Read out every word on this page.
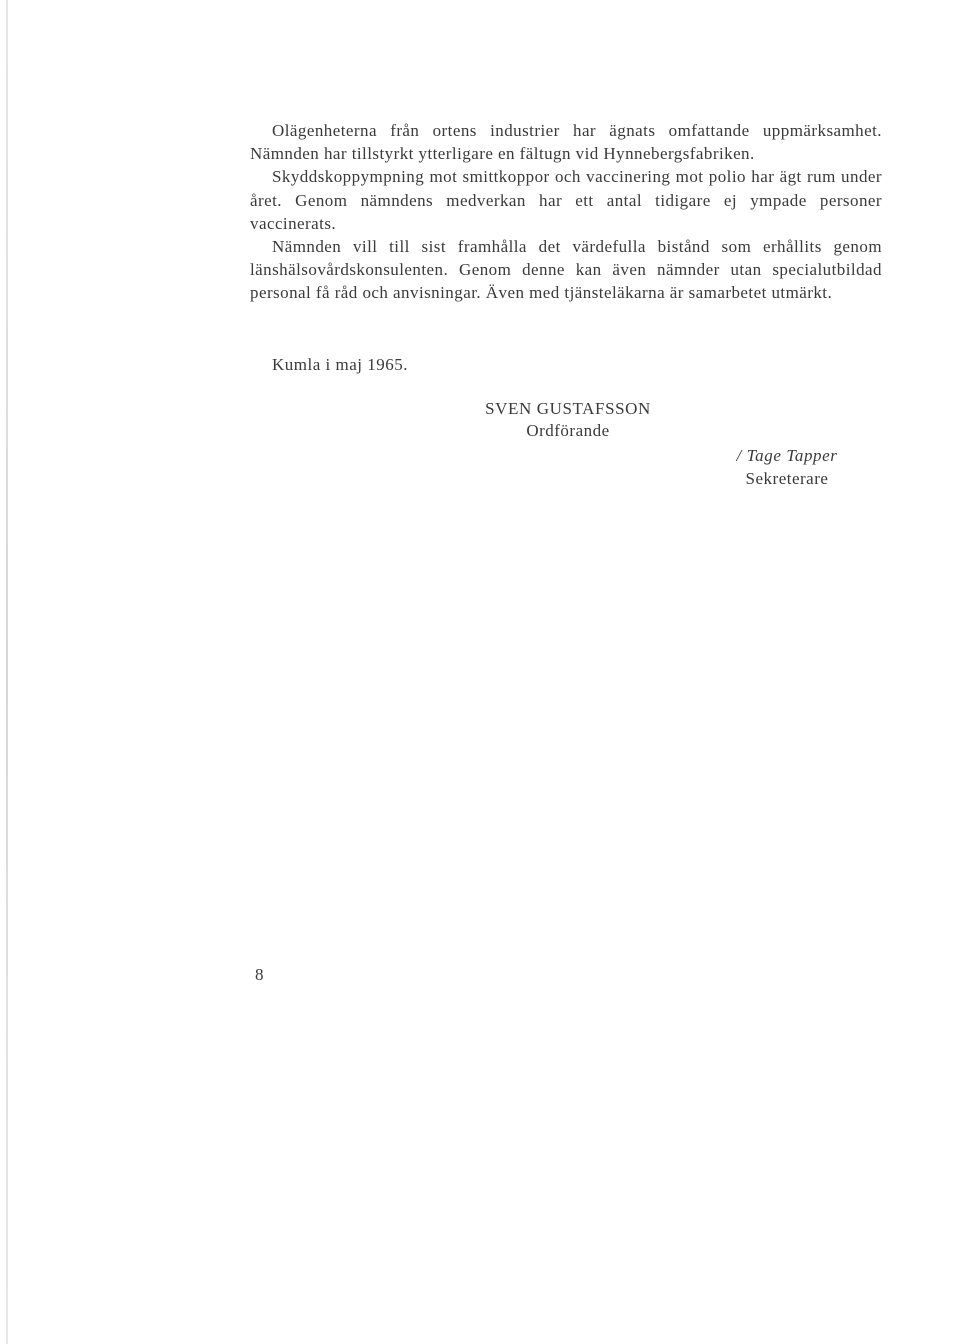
Olägenheterna från ortens industrier har ägnats omfattande uppmärksamhet. Nämnden har tillstyrkt ytterligare en fältugn vid Hynnebergsfabriken.

Skyddskoppympning mot smittkoppor och vaccinering mot polio har ägt rum under året. Genom nämndens medverkan har ett antal tidigare ej ympade personer vaccinerats.

Nämnden vill till sist framhålla det värdefulla bistånd som erhållits genom länshälsovårdskonsulenten. Genom denne kan även nämnder utan specialutbildad personal få råd och anvisningar. Även med tjänsteläkarna är samarbetet utmärkt.

Kumla i maj 1965.
SVEN GUSTAFSSON
Ordförande
/ Tage Tapper
Sekreterare
8
